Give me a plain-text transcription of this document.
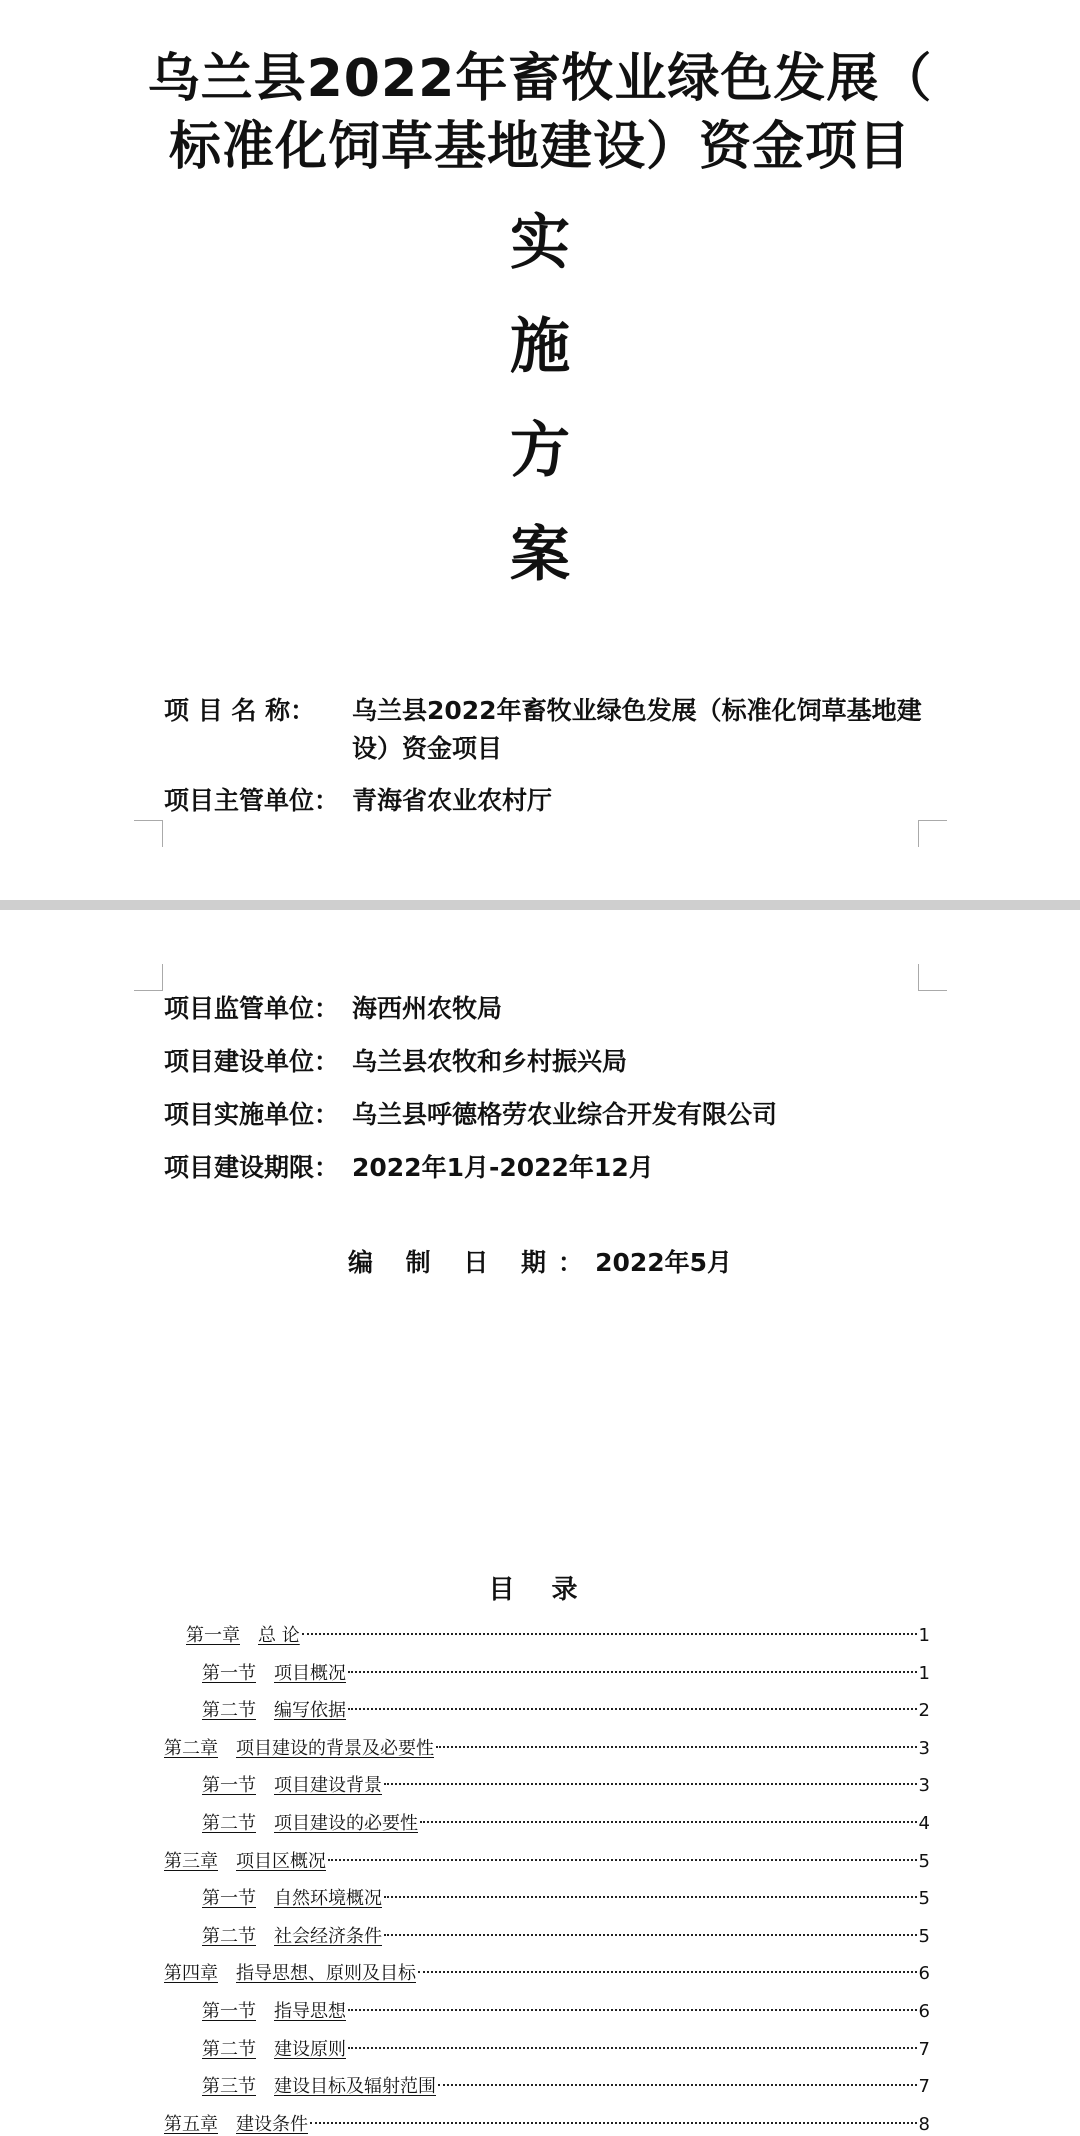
乌兰县2022年畜牧业绿色发展（
标准化饲草基地建设）资金项目
实
施
方
案
项 目 名 称：	乌兰县2022年畜牧业绿色发展（标准化饲草基地建设）资金项目
项目主管单位： 青海省农业农村厅
项目监管单位： 海西州农牧局
项目建设单位： 乌兰县农牧和乡村振兴局
项目实施单位： 乌兰县呼德格劳农业综合开发有限公司
项目建设期限： 2022年1月-2022年12月
编 制 日 期：2022年5月
目 录
第一章 总 论	1
第一节 项目概况	1
第二节 编写依据	2
第二章 项目建设的背景及必要性	3
第一节 项目建设背景	3
第二节 项目建设的必要性	4
第三章 项目区概况	5
第一节 自然环境概况	5
第二节 社会经济条件	5
第四章 指导思想、原则及目标	6
第一节 指导思想	6
第二节 建设原则	7
第三节 建设目标及辐射范围	7
第五章 建设条件	8
